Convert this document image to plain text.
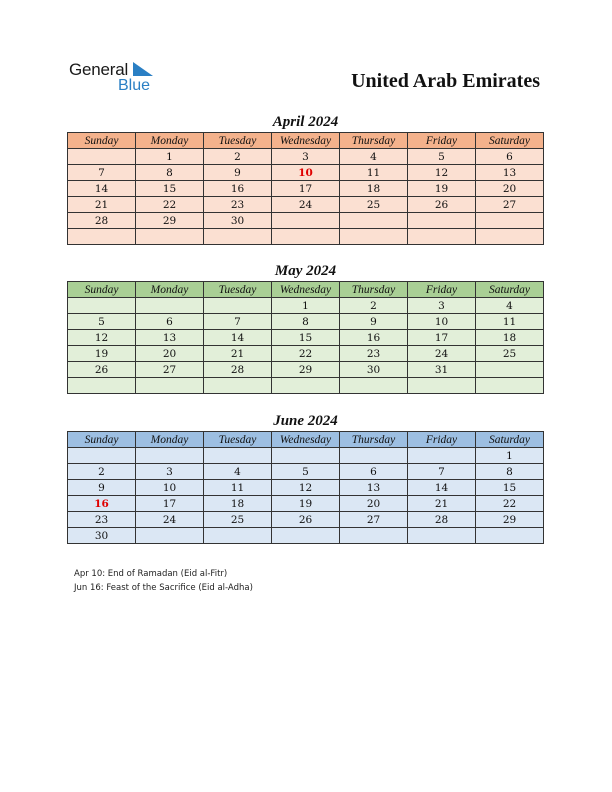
General
Blue	United Arab Emirates
April 2024
Sunday	Monday	Tuesday	Wednesday	Thursday	Friday	Saturday
	1	2	3	4	5	6
7	8	9	10	11	12	13
14	15	16	17	18	19	20
21	22	23	24	25	26	27
28	29	30				

May 2024
Sunday	Monday	Tuesday	Wednesday	Thursday	Friday	Saturday
			1	2	3	4
5	6	7	8	9	10	11
12	13	14	15	16	17	18
19	20	21	22	23	24	25
26	27	28	29	30	31	

June 2024
Sunday	Monday	Tuesday	Wednesday	Thursday	Friday	Saturday
						1
2	3	4	5	6	7	8
9	10	11	12	13	14	15
16	17	18	19	20	21	22
23	24	25	26	27	28	29
30						
Apr 10: End of Ramadan (Eid al-Fitr)
Jun 16: Feast of the Sacrifice (Eid al-Adha)
